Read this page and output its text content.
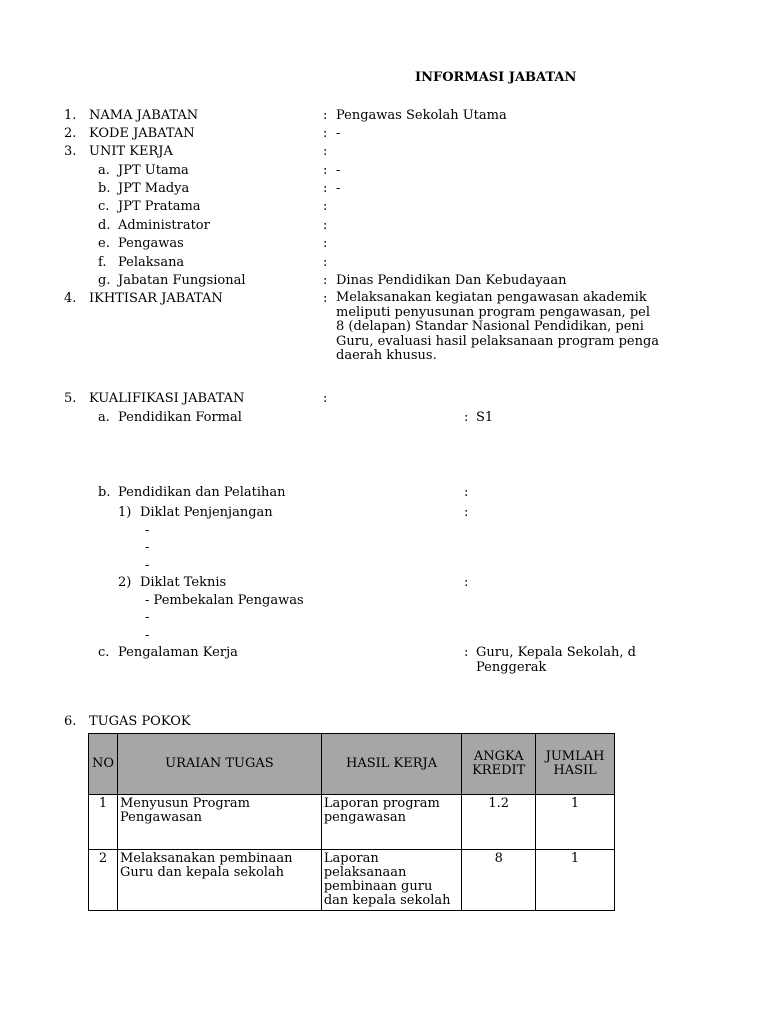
INFORMASI JABATAN
1. NAMA JABATAN	: Pengawas Sekolah Utama
2. KODE JABATAN	: -
3. UNIT KERJA	:
a. JPT Utama	: -
b. JPT Madya	: -
c. JPT Pratama	:
d. Administrator	:
e. Pengawas	:
f. Pelaksana	:
g. Jabatan Fungsional	: Dinas Pendidikan Dan Kebudayaan
4. IKHTISAR JABATAN	: Melaksanakan kegiatan pengawasan akademik
meliputi penyusunan program pengawasan, pel
8 (delapan) Standar Nasional Pendidikan, peni
Guru, evaluasi hasil pelaksanaan program penga
daerah khusus.
5. KUALIFIKASI JABATAN	:
a. Pendidikan Formal	: S1
b. Pendidikan dan Pelatihan	:
1) Diklat Penjenjangan	:
-
-
-
2) Diklat Teknis	:
- Pembekalan Pengawas
-
-
c. Pengalaman Kerja	: Guru, Kepala Sekolah, d
Penggerak
6. TUGAS POKOK
NO	URAIAN TUGAS	HASIL KERJA	ANGKA KREDIT	JUMLAH HASIL
1	Menyusun Program Pengawasan	Laporan program pengawasan	1.2	1
2	Melaksanakan pembinaan Guru dan kepala sekolah	Laporan pelaksanaan pembinaan guru dan kepala sekolah	8	1
